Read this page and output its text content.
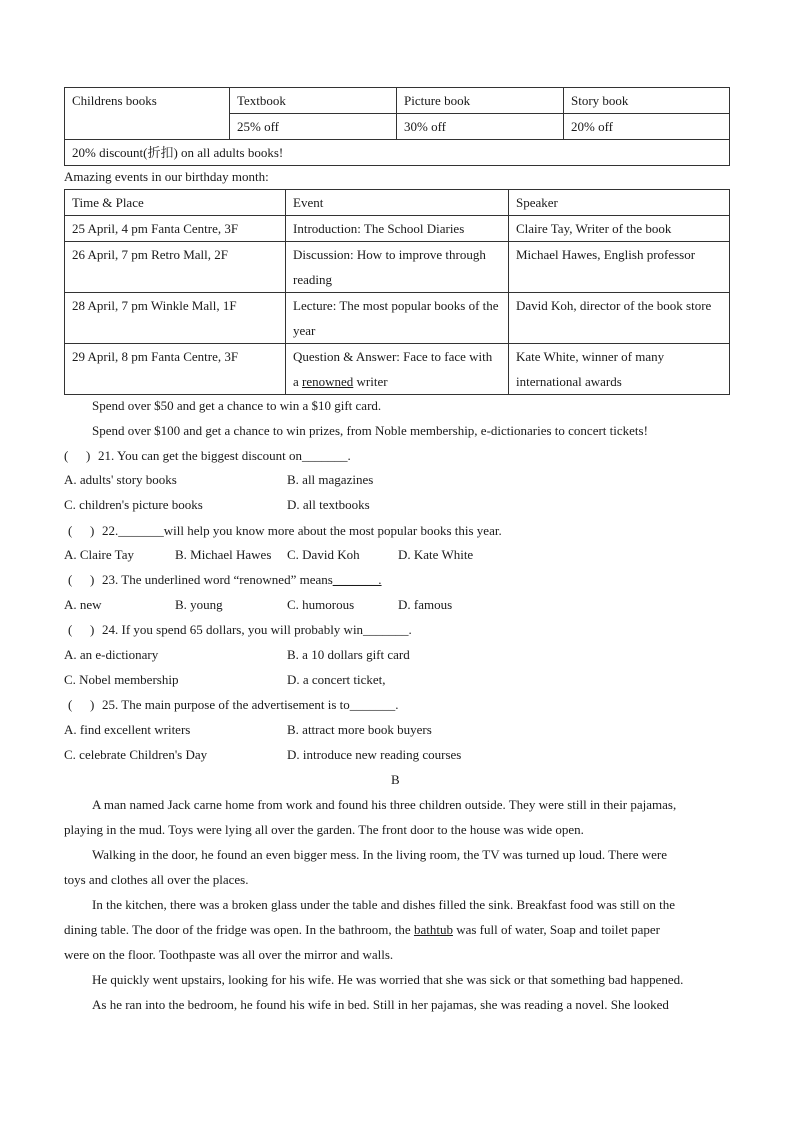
Childrens books	Textbook	Picture book	Story book
	25% off	30% off	20% off
20% discount(折扣) on all adults books!			
Amazing events in our birthday month:
Time & Place	Event	Speaker
25 April, 4 pm Fanta Centre, 3F	Introduction: The School Diaries	Claire Tay, Writer of the book
26 April, 7 pm Retro Mall, 2F	Discussion: How to improve through reading	Michael Hawes, English professor
28 April, 7 pm Winkle Mall, 1F	Lecture: The most popular books of the year	David Koh, director of the book store
29 April, 8 pm Fanta Centre, 3F	Question & Answer: Face to face with a renowned writer	Kate White, winner of many international awards
Spend over $50 and get a chance to win a $10 gift card.
Spend over $100 and get a chance to win prizes, from Noble membership, e-dictionaries to concert tickets!
( ) 21. You can get the biggest discount on_______.
A. adults' story books	B. all magazines
C. children's picture books	D. all textbooks
( ) 22._______will help you know more about the most popular books this year.
A. Claire Tay	B. Michael Hawes C. David Koh	D. Kate White
( ) 23. The underlined word “renowned” means_______.
A. new	B. young	C. humorous	D. famous
( ) 24. If you spend 65 dollars, you will probably win_______.
A. an e-dictionary	B. a 10 dollars gift card
C. Nobel membership	D. a concert ticket,
( ) 25. The main purpose of the advertisement is to_______.
A. find excellent writers	B. attract more book buyers
C. celebrate Children's Day	D. introduce new reading courses
B
A man named Jack carne home from work and found his three children outside. They were still in their pajamas,
playing in the mud. Toys were lying all over the garden. The front door to the house was wide open.
Walking in the door, he found an even bigger mess. In the living room, the TV was turned up loud. There were
toys and clothes all over the places.
In the kitchen, there was a broken glass under the table and dishes filled the sink. Breakfast food was still on the
dining table. The door of the fridge was open. In the bathroom, the bathtub was full of water, Soap and toilet paper
were on the floor. Toothpaste was all over the mirror and walls.
He quickly went upstairs, looking for his wife. He was worried that she was sick or that something bad happened.
As he ran into the bedroom, he found his wife in bed. Still in her pajamas, she was reading a novel. She looked
